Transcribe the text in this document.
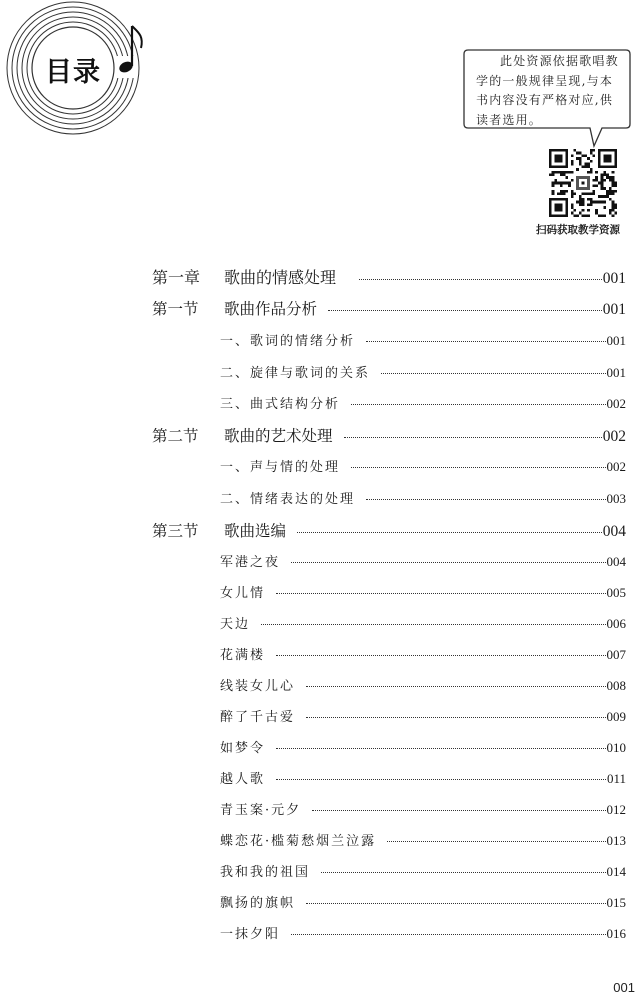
目录	此处资源依据歌唱教学的一般规律呈现,与本书内容没有严格对应,供读者选用。
扫码获取教学资源
第一章	歌曲的情感处理	001
第一节	歌曲作品分析	001
一、歌词的情绪分析	001
二、旋律与歌词的关系	001
三、曲式结构分析	002
第二节	歌曲的艺术处理	002
一、声与情的处理	002
二、情绪表达的处理	003
第三节	歌曲选编	004
军港之夜	004
女儿情	005
天边	006
花满楼	007
线装女儿心	008
醉了千古爱	009
如梦令	010
越人歌	011
青玉案·元夕	012
蝶恋花·槛菊愁烟兰泣露	013
我和我的祖国	014
飘扬的旗帜	015
一抹夕阳	016
001
